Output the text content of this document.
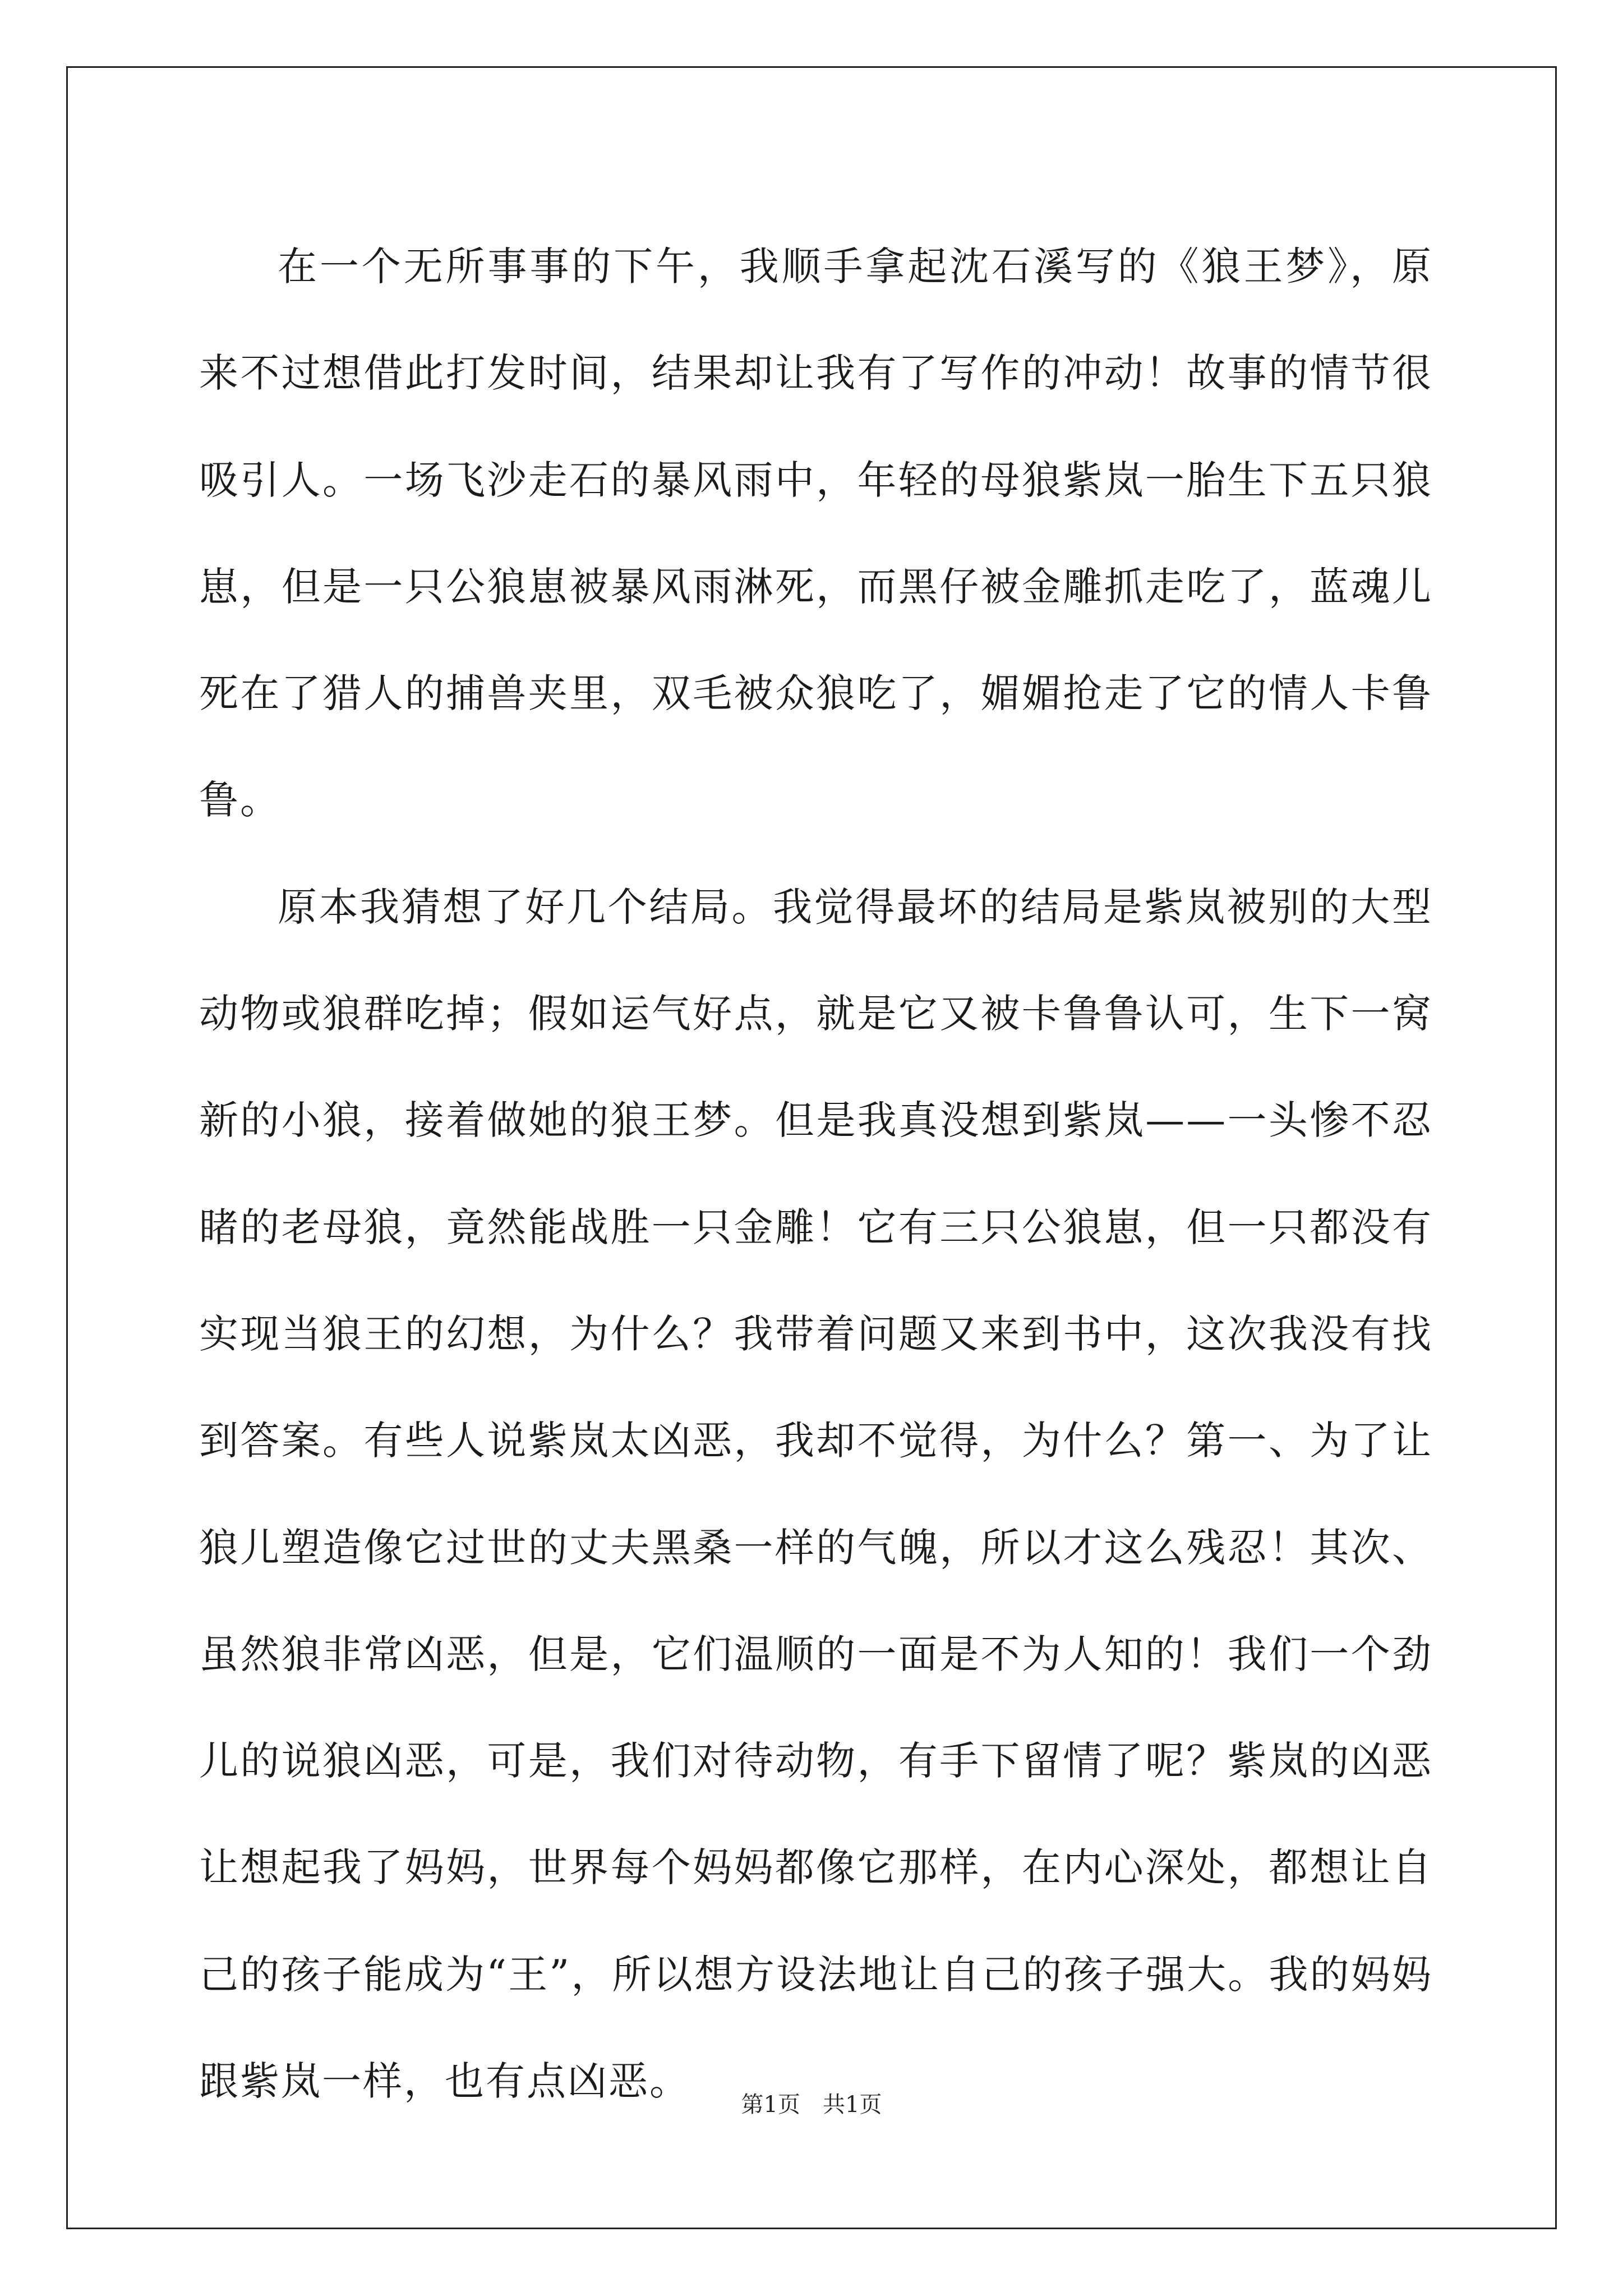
在一个无所事事的下午，我顺手拿起沈石溪写的《狼王梦》，原来不过想借此打发时间，结果却让我有了写作的冲动！故事的情节很吸引人。一场飞沙走石的暴风雨中，年轻的母狼紫岚一胎生下五只狼崽，但是一只公狼崽被暴风雨淋死，而黑仔被金雕抓走吃了，蓝魂儿死在了猎人的捕兽夹里，双毛被众狼吃了，媚媚抢走了它的情人卡鲁鲁。

原本我猜想了好几个结局。我觉得最坏的结局是紫岚被别的大型动物或狼群吃掉；假如运气好点，就是它又被卡鲁鲁认可，生下一窝新的小狼，接着做她的狼王梦。但是我真没想到紫岚——一头惨不忍睹的老母狼，竟然能战胜一只金雕！它有三只公狼崽，但一只都没有实现当狼王的幻想，为什么？我带着问题又来到书中，这次我没有找到答案。有些人说紫岚太凶恶，我却不觉得，为什么？第一、为了让狼儿塑造像它过世的丈夫黑桑一样的气魄，所以才这么残忍！其次、虽然狼非常凶恶，但是，它们温顺的一面是不为人知的！我们一个劲儿的说狼凶恶，可是，我们对待动物，有手下留情了呢？紫岚的凶恶让想起我了妈妈，世界每个妈妈都像它那样，在内心深处，都想让自己的孩子能成为“王”，所以想方设法地让自己的孩子强大。我的妈妈跟紫岚一样，也有点凶恶。

第1页　共1页
